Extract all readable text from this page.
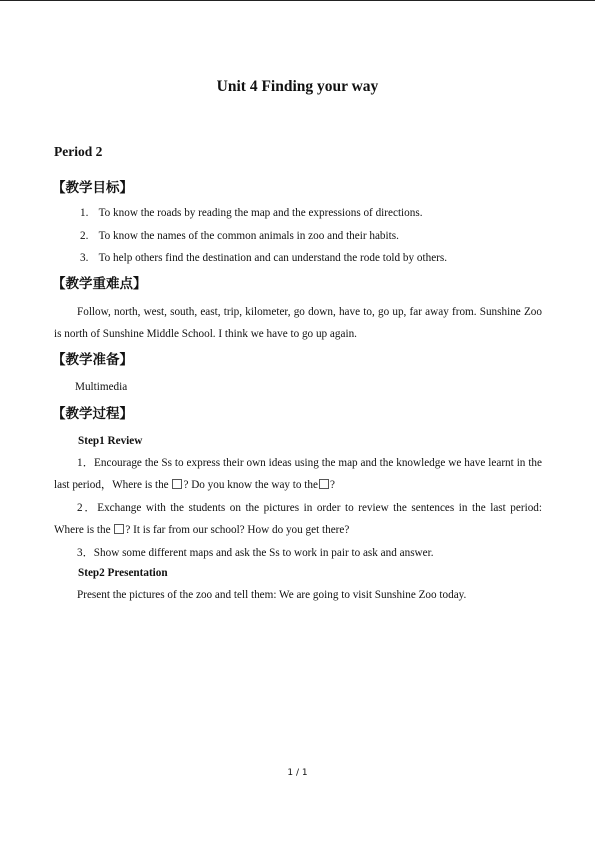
Unit 4 Finding your way
Period 2
【教学目标】
1. To know the roads by reading the map and the expressions of directions.
2. To know the names of the common animals in zoo and their habits.
3. To help others find the destination and can understand the rode told by others.
【教学重难点】

Follow, north, west, south, east, trip, kilometer, go down, have to, go up, far away from. Sunshine Zoo is north of Sunshine Middle School. I think we have to go up again.

【教学准备】
Multimedia
【教学过程】
Step1 Review

1．Encourage the Ss to express their own ideas using the map and the knowledge we have learnt in the last period，Where is the ? Do you know the way to the ?

2．Exchange with the students on the pictures in order to review the sentences in the last period: Where is the ? It is far from our school? How do you get there?

3．Show some different maps and ask the Ss to work in pair to ask and answer.
Step2 Presentation
Present the pictures of the zoo and tell them: We are going to visit Sunshine Zoo today.
1 / 1
